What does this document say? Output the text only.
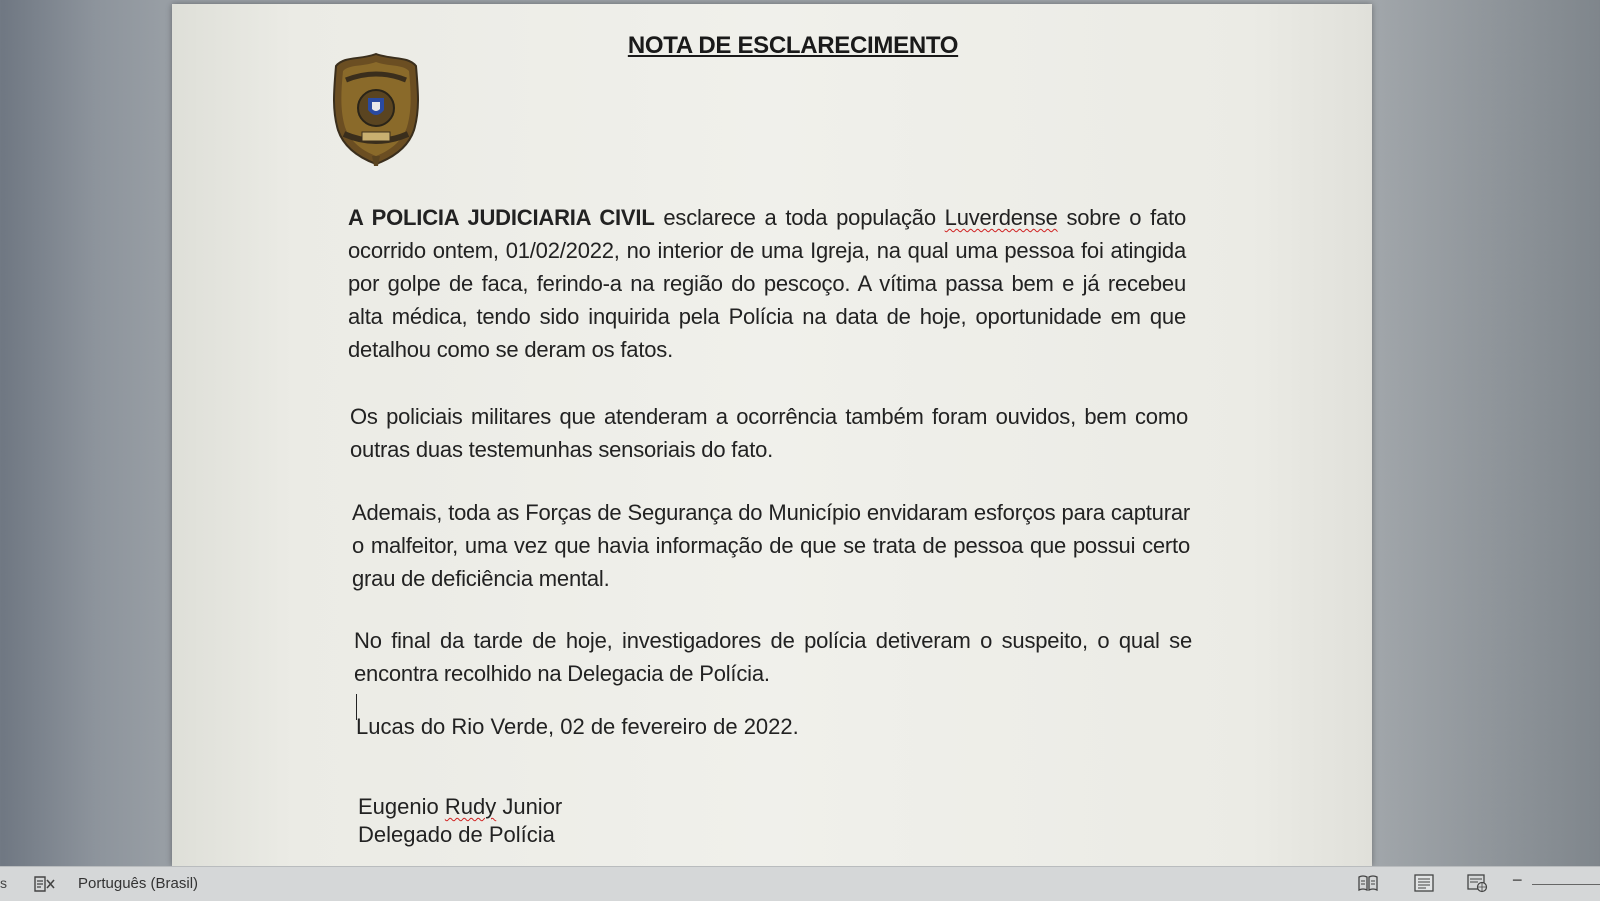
NOTA DE ESCLARECIMENTO

A POLICIA JUDICIARIA CIVIL esclarece a toda população Luverdense sobre o fato ocorrido ontem, 01/02/2022, no interior de uma Igreja, na qual uma pessoa foi atingida por golpe de faca, ferindo-a na região do pescoço. A vítima passa bem e já recebeu alta médica, tendo sido inquirida pela Polícia na data de hoje, oportunidade em que detalhou como se deram os fatos.

Os policiais militares que atenderam a ocorrência também foram ouvidos, bem como outras duas testemunhas sensoriais do fato.

Ademais, toda as Forças de Segurança do Município envidaram esforços para capturar o malfeitor, uma vez que havia informação de que se trata de pessoa que possui certo grau de deficiência mental.

No final da tarde de hoje, investigadores de polícia detiveram o suspeito, o qual se encontra recolhido na Delegacia de Polícia.

Lucas do Rio Verde, 02 de fevereiro de 2022.
Eugenio Rudy Junior
Delegado de Polícia
s	Português (Brasil)	−
